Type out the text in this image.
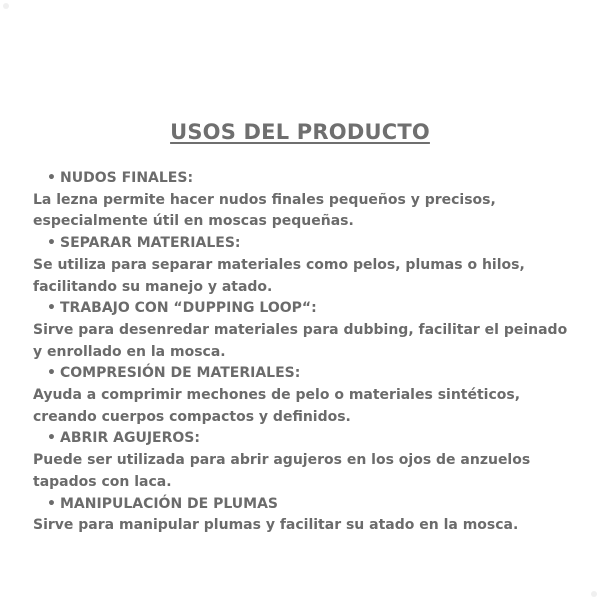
USOS DEL PRODUCTO
• NUDOS FINALES:
La lezna permite hacer nudos finales pequeños y precisos,
especialmente útil en moscas pequeñas.
• SEPARAR MATERIALES:
Se utiliza para separar materiales como pelos, plumas o hilos,
facilitando su manejo y atado.
• TRABAJO CON “DUPPING LOOP“:
Sirve para desenredar materiales para dubbing, facilitar el peinado
y enrollado en la mosca.
• COMPRESIÓN DE MATERIALES:
Ayuda a comprimir mechones de pelo o materiales sintéticos,
creando cuerpos compactos y definidos.
• ABRIR AGUJEROS:
Puede ser utilizada para abrir agujeros en los ojos de anzuelos
tapados con laca.
• MANIPULACIÓN DE PLUMAS
Sirve para manipular plumas y facilitar su atado en la mosca.
